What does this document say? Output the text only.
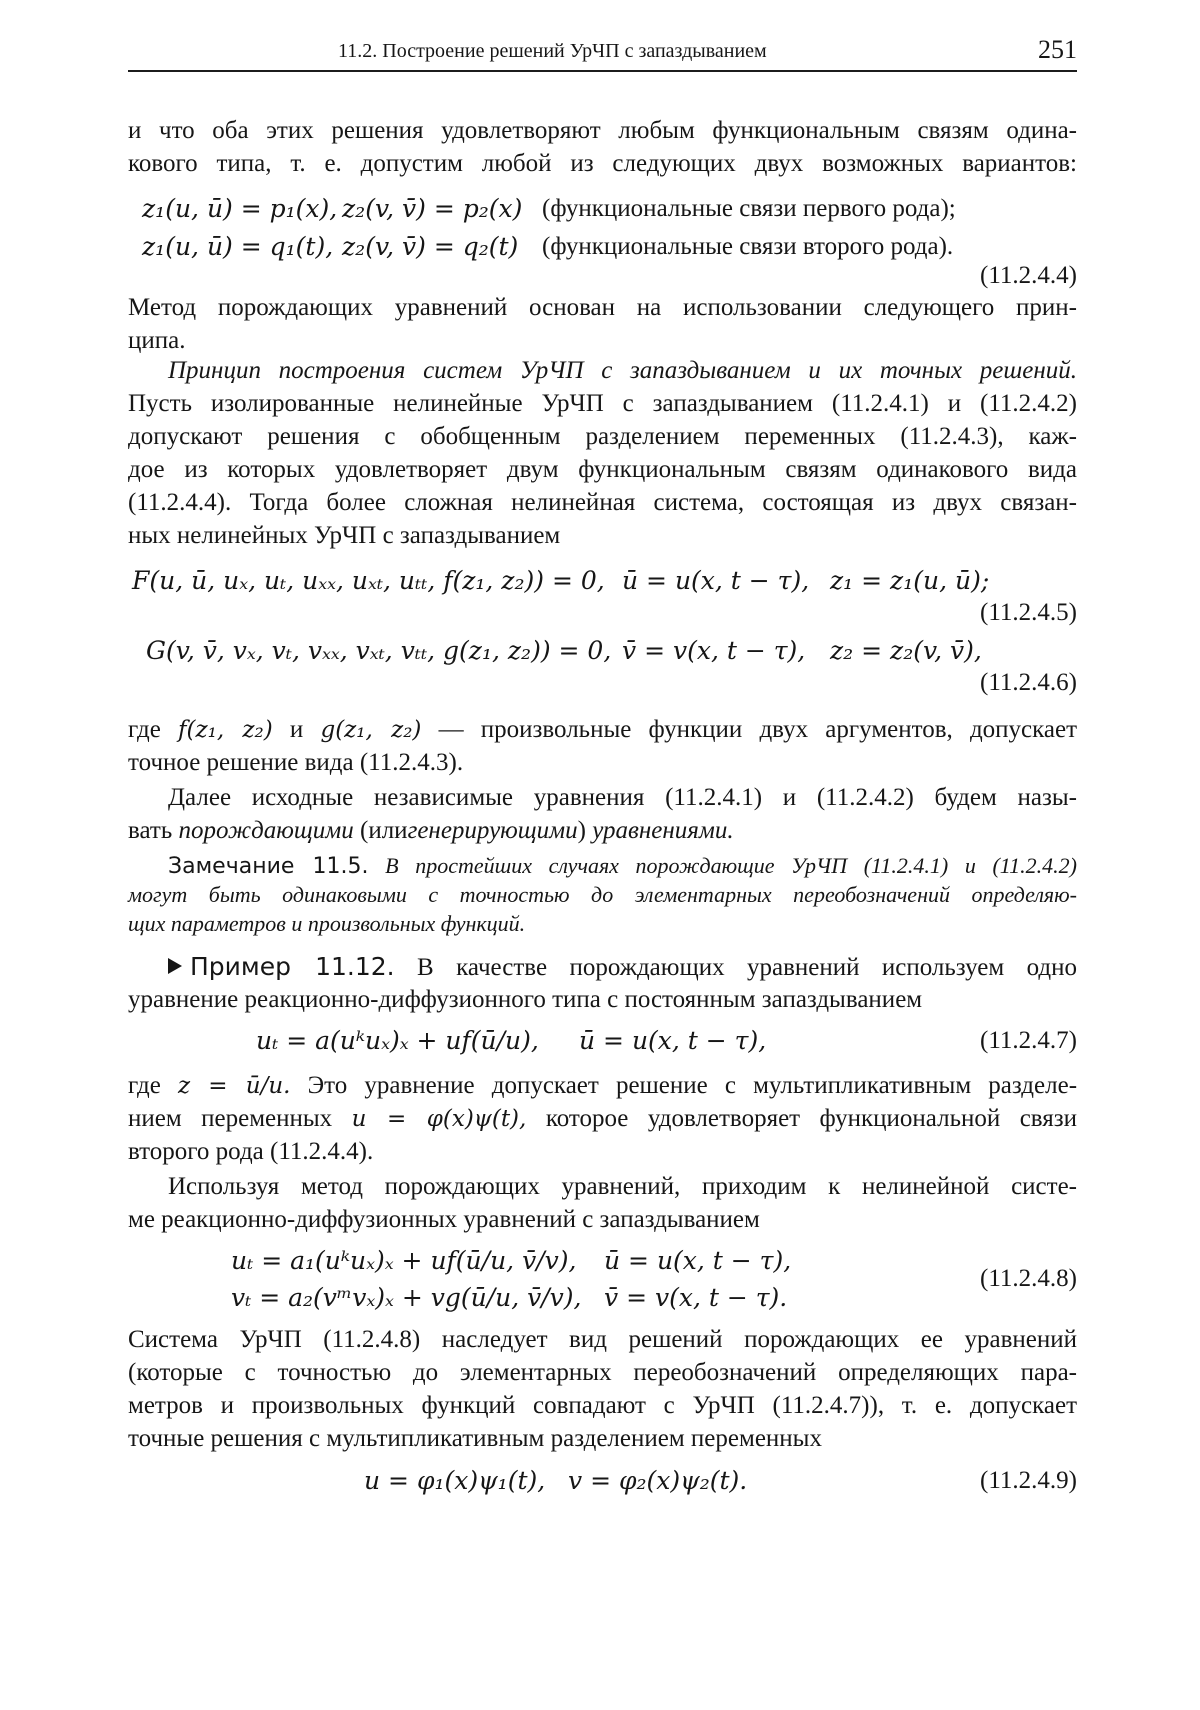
11.2. Построение решений УрЧП с запаздыванием	251
и что оба этих решения удовлетворяют любым функциональным связям одина-
кового типа, т. е. допустим любой из следующих двух возможных вариантов:
z₁(u, ū) = p₁(x), z₂(v, v̄) = p₂(x) (функциональные связи первого рода);
z₁(u, ū) = q₁(t), z₂(v, v̄) = q₂(t) (функциональные связи второго рода).
(11.2.4.4)
Метод порождающих уравнений основан на использовании следующего прин-
ципа.
Принцип построения систем УрЧП с запаздыванием и их точных решений.
Пусть изолированные нелинейные УрЧП с запаздыванием (11.2.4.1) и (11.2.4.2)
допускают решения с обобщенным разделением переменных (11.2.4.3), каж-
дое из которых удовлетворяет двум функциональным связям одинакового вида
(11.2.4.4). Тогда более сложная нелинейная система, состоящая из двух связан-
ных нелинейных УрЧП с запаздыванием
F(u, ū, uₓ, uₜ, uₓₓ, uₓₜ, uₜₜ, f(z₁, z₂)) = 0, ū = u(x, t − τ), z₁ = z₁(u, ū);
(11.2.4.5)
G(v, v̄, vₓ, vₜ, vₓₓ, vₓₜ, vₜₜ, g(z₁, z₂)) = 0, v̄ = v(x, t − τ), z₂ = z₂(v, v̄),
(11.2.4.6)
где f(z₁, z₂) и g(z₁, z₂) — произвольные функции двух аргументов, допускает
точное решение вида (11.2.4.3).
Далее исходные независимые уравнения (11.2.4.1) и (11.2.4.2) будем назы-
вать порождающими (илигенерирующими) уравнениями.
Замечание 11.5. В простейших случаях порождающие УрЧП (11.2.4.1) и (11.2.4.2)
могут быть одинаковыми с точностью до элементарных переобозначений определяю-
щих параметров и произвольных функций.
Пример 11.12. В качестве порождающих уравнений используем одно
уравнение реакционно-диффузионного типа с постоянным запаздыванием
uₜ = a(uᵏuₓ)ₓ + uf(ū/u), ū = u(x, t − τ),	(11.2.4.7)
где z = ū/u. Это уравнение допускает решение с мультипликативным разделе-
нием переменных u = φ(x)ψ(t), которое удовлетворяет функциональной связи
второго рода (11.2.4.4).
Используя метод порождающих уравнений, приходим к нелинейной систе-
ме реакционно-диффузионных уравнений с запаздыванием
uₜ = a₁(uᵏuₓ)ₓ + uf(ū/u, v̄/v), ū = u(x, t − τ),
vₜ = a₂(vᵐvₓ)ₓ + vg(ū/u, v̄/v), v̄ = v(x, t − τ).
(11.2.4.8)
Система УрЧП (11.2.4.8) наследует вид решений порождающих ее уравнений
(которые с точностью до элементарных переобозначений определяющих пара-
метров и произвольных функций совпадают с УрЧП (11.2.4.7)), т. е. допускает
точные решения с мультипликативным разделением переменных
u = φ₁(x)ψ₁(t), v = φ₂(x)ψ₂(t).	(11.2.4.9)
